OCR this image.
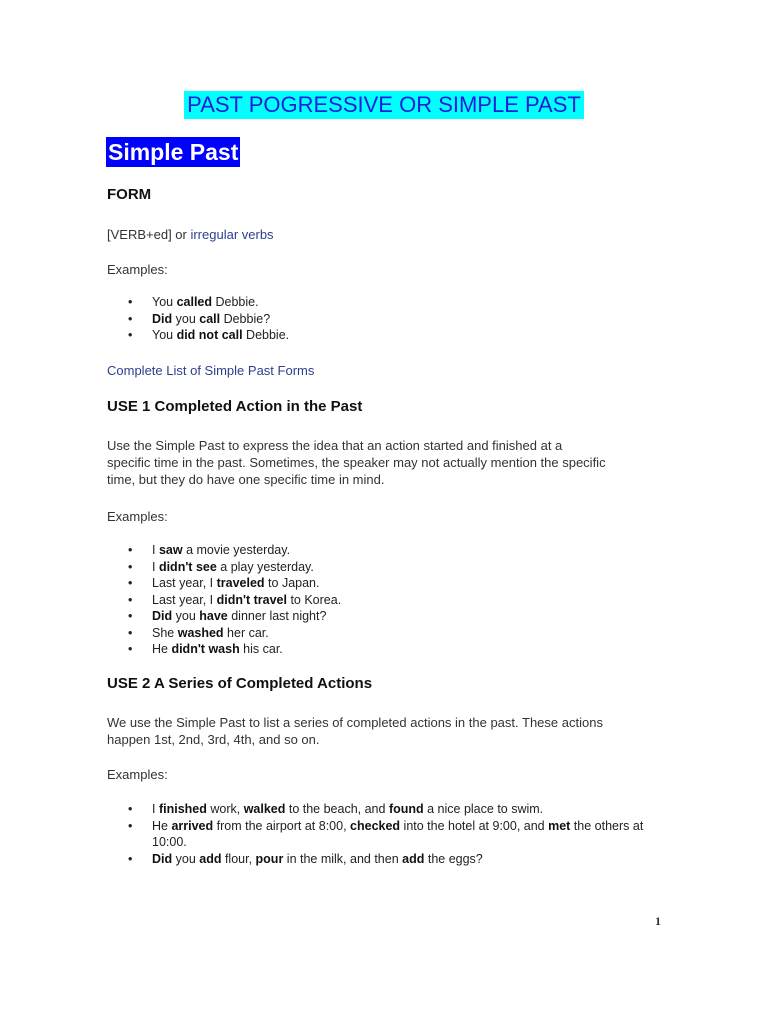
PAST POGRESSIVE OR SIMPLE PAST
Simple Past
FORM
[VERB+ed] or irregular verbs
Examples:
• You called Debbie.
• Did you call Debbie?
• You did not call Debbie.
Complete List of Simple Past Forms
USE 1 Completed Action in the Past
Use the Simple Past to express the idea that an action started and finished at a
specific time in the past. Sometimes, the speaker may not actually mention the specific
time, but they do have one specific time in mind.
Examples:
• I saw a movie yesterday.
• I didn't see a play yesterday.
• Last year, I traveled to Japan.
• Last year, I didn't travel to Korea.
• Did you have dinner last night?
• She washed her car.
• He didn't wash his car.
USE 2 A Series of Completed Actions
We use the Simple Past to list a series of completed actions in the past. These actions
happen 1st, 2nd, 3rd, 4th, and so on.
Examples:
• I finished work, walked to the beach, and found a nice place to swim.
• He arrived from the airport at 8:00, checked into the hotel at 9:00, and met the others at 10:00.
• Did you add flour, pour in the milk, and then add the eggs?
1
